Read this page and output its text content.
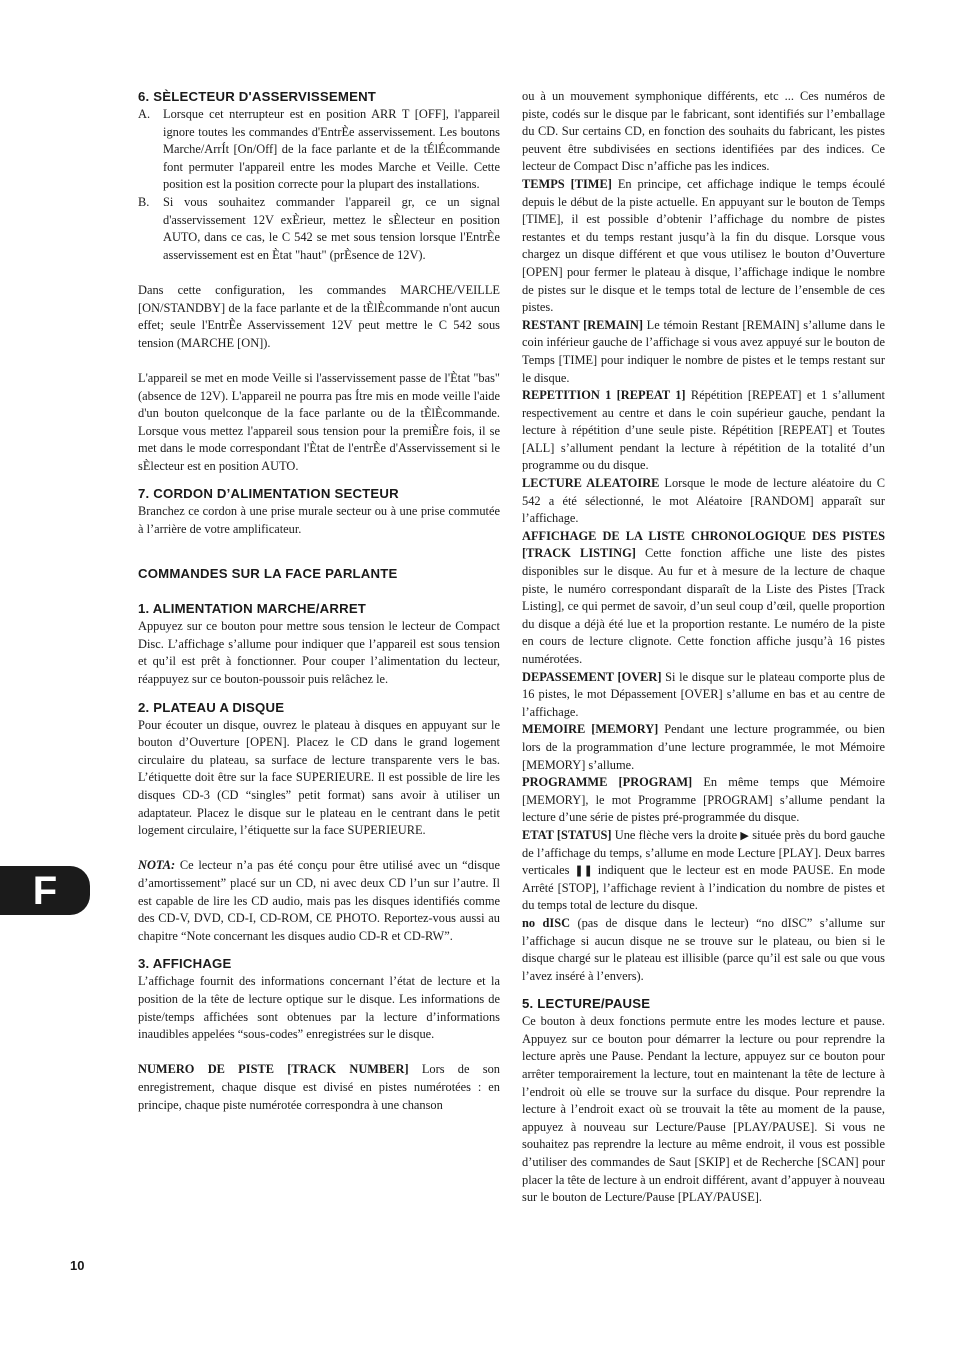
6. SÈLECTEUR D'ASSERVISSEMENT
A.	Lorsque cet nterrupteur est en position ARR T [OFF], l'appareil ignore toutes les commandes d'EntrÈe asservissement. Les boutons Marche/ArrÍt [On/Off] de la face parlante et de la tÉlÉcommande font permuter l'appareil entre les modes Marche et Veille. Cette position est la position correcte pour la plupart des installations.
B.	Si vous souhaitez commander l'appareil gr, ce un signal d'asservissement 12V exÈrieur, mettez le sÈlecteur en position AUTO, dans ce cas, le C 542 se met sous tension lorsque l'EntrÈe asservissement est en Ètat "haut" (prÈsence de 12V).

Dans cette configuration, les commandes MARCHE/VEILLE [ON/STANDBY] de la face parlante et de la tÈlÈcommande n'ont aucun effet; seule l'EntrÈe Asservissement 12V peut mettre le C 542 sous tension (MARCHE [ON]).

L'appareil se met en mode Veille si l'asservissement passe de l'Ètat "bas" (absence de 12V). L'appareil ne pourra pas Ítre mis en mode veille l'aide d'un bouton quelconque de la face parlante ou de la tÈlÈcommande. Lorsque vous mettez l'appareil sous tension pour la premiÈre fois, il se met dans le mode correspondant l'Ètat de l'entrÈe d'Asservissement si le sÈlecteur est en position AUTO.

7. CORDON D’ALIMENTATION SECTEUR

Branchez ce cordon à une prise murale secteur ou à une prise commutée à l’arrière de votre amplificateur.

COMMANDES SUR LA FACE PARLANTE
1. ALIMENTATION MARCHE/ARRET

Appuyez sur ce bouton pour mettre sous tension le lecteur de Compact Disc. L’affichage s’allume pour indiquer que l’appareil est sous tension et qu’il est prêt à fonctionner. Pour couper l’alimentation du lecteur, réappuyez sur ce bouton-poussoir puis relâchez le.

2. PLATEAU A DISQUE

Pour écouter un disque, ouvrez le plateau à disques en appuyant sur le bouton d’Ouverture [OPEN]. Placez le CD dans le grand logement circulaire du plateau, sa surface de lecture transparente vers le bas. L’étiquette doit être sur la face SUPERIEURE. Il est possible de lire les disques CD-3 (CD “singles” petit format) sans avoir à utiliser un adaptateur. Placez le disque sur le plateau en le centrant dans le petit logement circulaire, l’étiquette sur la face SUPERIEURE.

NOTA: Ce lecteur n’a pas été conçu pour être utilisé avec un “disque d’amortissement” placé sur un CD, ni avec deux CD l’un sur l’autre. Il est capable de lire les CD audio, mais pas les disques identifiés comme des CD-V, DVD, CD-I, CD-ROM, CE PHOTO. Reportez-vous aussi au chapitre “Note concernant les disques audio CD-R et CD-RW”.

3. AFFICHAGE

L’affichage fournit des informations concernant l’état de lecture et la position de la tête de lecture optique sur le disque. Les informations de piste/temps affichées sont obtenues par la lecture d’informations inaudibles appelées “sous-codes” enregistrées sur le disque.

NUMERO DE PISTE [TRACK NUMBER] Lors de son enregistrement, chaque disque est divisé en pistes numérotées : en principe, chaque piste numérotée correspondra à une chanson

ou à un mouvement symphonique différents, etc ... Ces numéros de piste, codés sur le disque par le fabricant, sont identifiés sur l’emballage du CD. Sur certains CD, en fonction des souhaits du fabricant, les pistes peuvent être subdivisées en sections identifiées par des indices. Ce lecteur de Compact Disc n’affiche pas les indices.

TEMPS [TIME] En principe, cet affichage indique le temps écoulé depuis le début de la piste actuelle. En appuyant sur le bouton de Temps [TIME], il est possible d’obtenir l’affichage du nombre de pistes restantes et du temps restant jusqu’à la fin du disque. Lorsque vous chargez un disque différent et que vous utilisez le bouton d’Ouverture [OPEN] pour fermer le plateau à disque, l’affichage indique le nombre de pistes sur le disque et le temps total de lecture de l’ensemble de ces pistes.

RESTANT [REMAIN] Le témoin Restant [REMAIN] s’allume dans le coin inférieur gauche de l’affichage si vous avez appuyé sur le bouton de Temps [TIME] pour indiquer le nombre de pistes et le temps restant sur le disque.

REPETITION 1 [REPEAT 1] Répétition [REPEAT] et 1 s’allument respectivement au centre et dans le coin supérieur gauche, pendant la lecture à répétition d’une seule piste. Répétition [REPEAT] et Toutes [ALL] s’allument pendant la lecture à répétition de la totalité d’un programme ou du disque.

LECTURE ALEATOIRE Lorsque le mode de lecture aléatoire du C 542 a été sélectionné, le mot Aléatoire [RANDOM] apparaît sur l’affichage.

AFFICHAGE DE LA LISTE CHRONOLOGIQUE DES PISTES [TRACK LISTING] Cette fonction affiche une liste des pistes disponibles sur le disque. Au fur et à mesure de la lecture de chaque piste, le numéro correspondant disparaît de la Liste des Pistes [Track Listing], ce qui permet de savoir, d’un seul coup d’œil, quelle proportion du disque a déjà été lue et la proportion restante. Le numéro de la piste en cours de lecture clignote. Cette fonction affiche jusqu’à 16 pistes numérotées.

DEPASSEMENT [OVER] Si le disque sur le plateau comporte plus de 16 pistes, le mot Dépassement [OVER] s’allume en bas et au centre de l’affichage.

MEMOIRE [MEMORY] Pendant une lecture programmée, ou bien lors de la programmation d’une lecture programmée, le mot Mémoire [MEMORY] s’allume.

PROGRAMME [PROGRAM] En même temps que Mémoire [MEMORY], le mot Programme [PROGRAM] s’allume pendant la lecture d’une série de pistes pré-programmée du disque.

ETAT [STATUS] Une flèche vers la droite ▶ située près du bord gauche de l’affichage du temps, s’allume en mode Lecture [PLAY]. Deux barres verticales ❚❚ indiquent que le lecteur est en mode PAUSE. En mode Arrêté [STOP], l’affichage revient à l’indication du nombre de pistes et du temps total de lecture du disque.

no dISC (pas de disque dans le lecteur) “no dISC” s’allume sur l’affichage si aucun disque ne se trouve sur le plateau, ou bien si le disque chargé sur le plateau est illisible (parce qu’il est sale ou que vous l’avez inséré à l’envers).

5. LECTURE/PAUSE

Ce bouton à deux fonctions permute entre les modes lecture et pause. Appuyez sur ce bouton pour démarrer la lecture ou pour reprendre la lecture après une Pause. Pendant la lecture, appuyez sur ce bouton pour arrêter temporairement la lecture, tout en maintenant la tête de lecture à l’endroit où elle se trouve sur la surface du disque. Pour reprendre la lecture à l’endroit exact où se trouvait la tête au moment de la pause, appuyez à nouveau sur Lecture/Pause [PLAY/PAUSE]. Si vous ne souhaitez pas reprendre la lecture au même endroit, il vous est possible d’utiliser des commandes de Saut [SKIP] et de Recherche [SCAN] pour placer la tête de lecture à un endroit différent, avant d’appuyer à nouveau sur le bouton de Lecture/Pause [PLAY/PAUSE].

F
10
